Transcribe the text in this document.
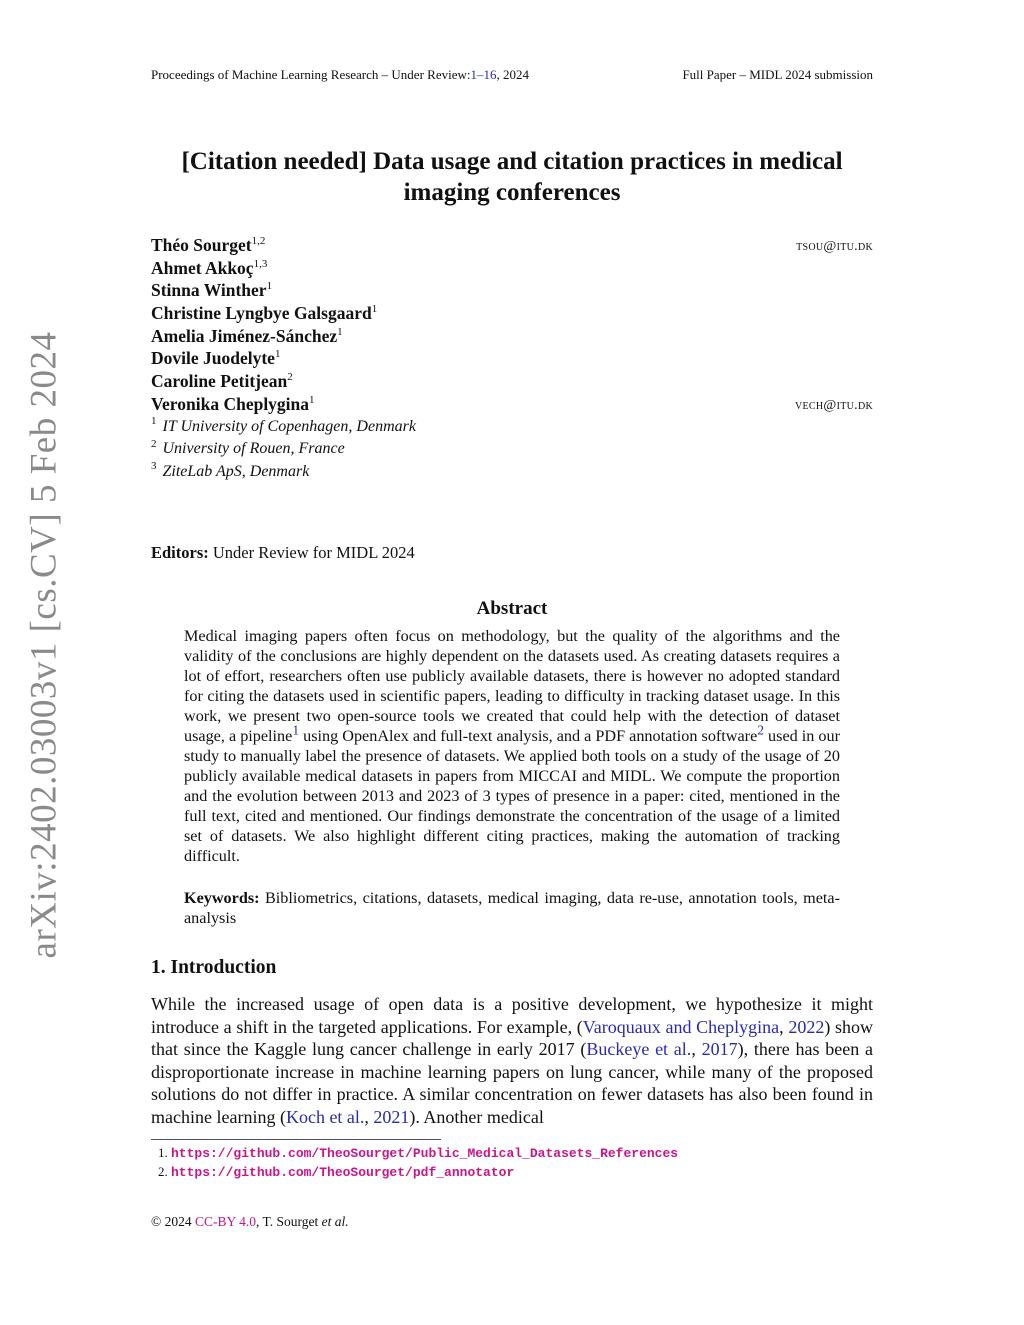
Proceedings of Machine Learning Research – Under Review:1–16, 2024	Full Paper – MIDL 2024 submission
arXiv:2402.03003v1 [cs.CV] 5 Feb 2024
[Citation needed] Data usage and citation practices in medical imaging conferences
Théo Sourget$^{1,2}$	tsou@itu.dk
Ahmet Akkoç$^{1,3}$
Stinna Winther$^1$
Christine Lyngbye Galsgaard$^1$
Amelia Jiménez-Sánchez$^1$
Dovile Juodelyte$^1$
Caroline Petitjean$^2$
Veronika Cheplygina$^1$	vech@itu.dk
$^1$ IT University of Copenhagen, Denmark
$^2$ University of Rouen, France
$^3$ ZiteLab ApS, Denmark
Editors: Under Review for MIDL 2024
Abstract
Medical imaging papers often focus on methodology, but the quality of the algorithms and the validity of the conclusions are highly dependent on the datasets used. As creating datasets requires a lot of effort, researchers often use publicly available datasets, there is however no adopted standard for citing the datasets used in scientific papers, leading to difficulty in tracking dataset usage. In this work, we present two open-source tools we created that could help with the detection of dataset usage, a pipeline$^1$ using OpenAlex and full-text analysis, and a PDF annotation software$^2$ used in our study to manually label the presence of datasets. We applied both tools on a study of the usage of 20 publicly available medical datasets in papers from MICCAI and MIDL. We compute the proportion and the evolution between 2013 and 2023 of 3 types of presence in a paper: cited, mentioned in the full text, cited and mentioned. Our findings demonstrate the concentration of the usage of a limited set of datasets. We also highlight different citing practices, making the automation of tracking difficult.
Keywords: Bibliometrics, citations, datasets, medical imaging, data re-use, annotation tools, meta-analysis
1. Introduction
While the increased usage of open data is a positive development, we hypothesize it might introduce a shift in the targeted applications. For example, (Varoquaux and Cheplygina, 2022) show that since the Kaggle lung cancer challenge in early 2017 (Buckeye et al., 2017), there has been a disproportionate increase in machine learning papers on lung cancer, while many of the proposed solutions do not differ in practice. A similar concentration on fewer datasets has also been found in machine learning (Koch et al., 2021). Another medical
1. https://github.com/TheoSourget/Public_Medical_Datasets_References
2. https://github.com/TheoSourget/pdf_annotator
© 2024 CC-BY 4.0, T. Sourget et al.
